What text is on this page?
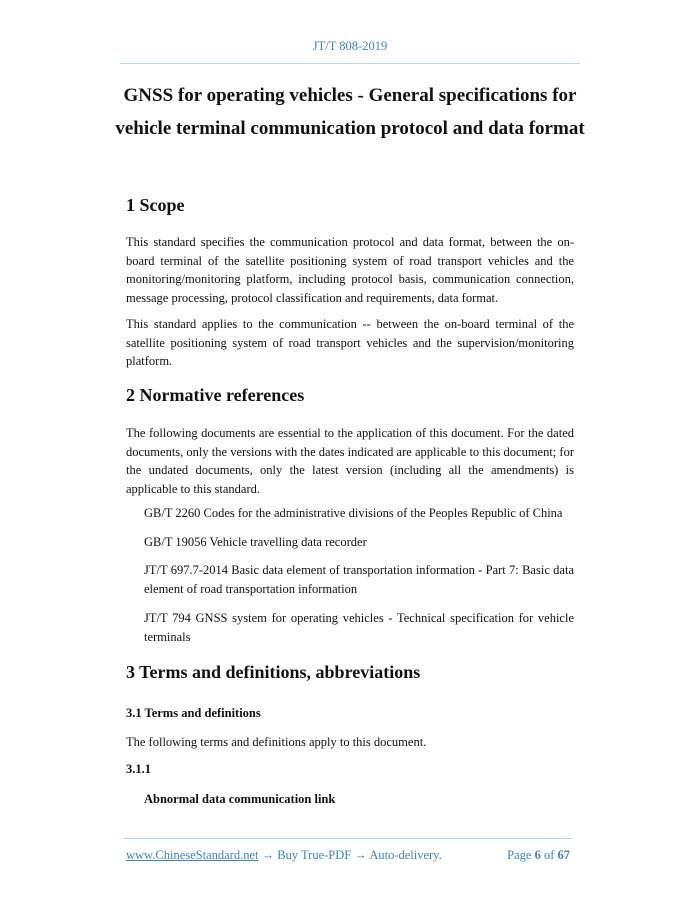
JT/T 808-2019
GNSS for operating vehicles - General specifications for
vehicle terminal communication protocol and data format
1 Scope
This standard specifies the communication protocol and data format, between the on-board terminal of the satellite positioning system of road transport vehicles and the monitoring/monitoring platform, including protocol basis, communication connection, message processing, protocol classification and requirements, data format.
This standard applies to the communication -- between the on-board terminal of the satellite positioning system of road transport vehicles and the supervision/monitoring platform.
2 Normative references
The following documents are essential to the application of this document. For the dated documents, only the versions with the dates indicated are applicable to this document; for the undated documents, only the latest version (including all the amendments) is applicable to this standard.
GB/T 2260 Codes for the administrative divisions of the Peoples Republic of China
GB/T 19056 Vehicle travelling data recorder
JT/T 697.7-2014 Basic data element of transportation information - Part 7: Basic data element of road transportation information
JT/T 794 GNSS system for operating vehicles - Technical specification for vehicle terminals
3 Terms and definitions, abbreviations
3.1 Terms and definitions
The following terms and definitions apply to this document.
3.1.1
Abnormal data communication link
www.ChineseStandard.net → Buy True-PDF → Auto-delivery.	Page 6 of 67
